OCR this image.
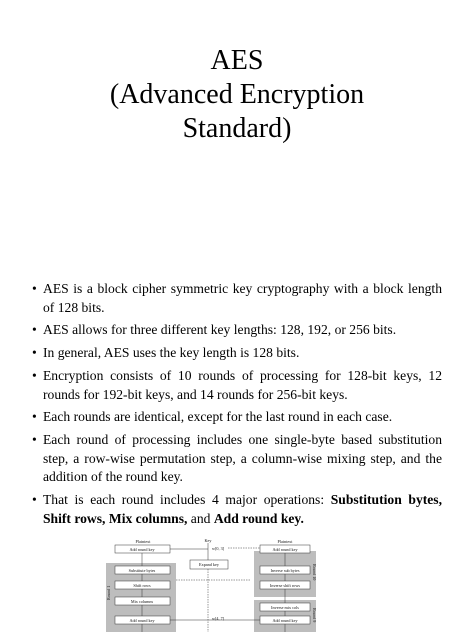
AES
(Advanced Encryption
Standard)
• AES is a block cipher symmetric key cryptography with a block length of 128 bits.
• AES allows for three different key lengths: 128, 192, or 256 bits.
• In general, AES uses the key length is 128 bits.
• Encryption consists of 10 rounds of processing for 128-bit keys, 12 rounds for 192-bit keys, and 14 rounds for 256-bit keys.
• Each rounds are identical, except for the last round in each case.
• Each round of processing includes one single-byte based substitution step, a row-wise permutation step, a column-wise mixing step, and the addition of the round key.
• That is each round includes 4 major operations: Substitution bytes, Shift rows, Mix columns, and Add round key.
Plaintext
Add round key
Substitute bytes
Shift rows
Mix columns
Add round key
Round 1
Key
Expand key
w[0, 3]
w[4, 7]
Plaintext
Add round key
Inverse sub bytes
Inverse shift rows
Inverse mix cols
Add round key
Round 10
Round 9
